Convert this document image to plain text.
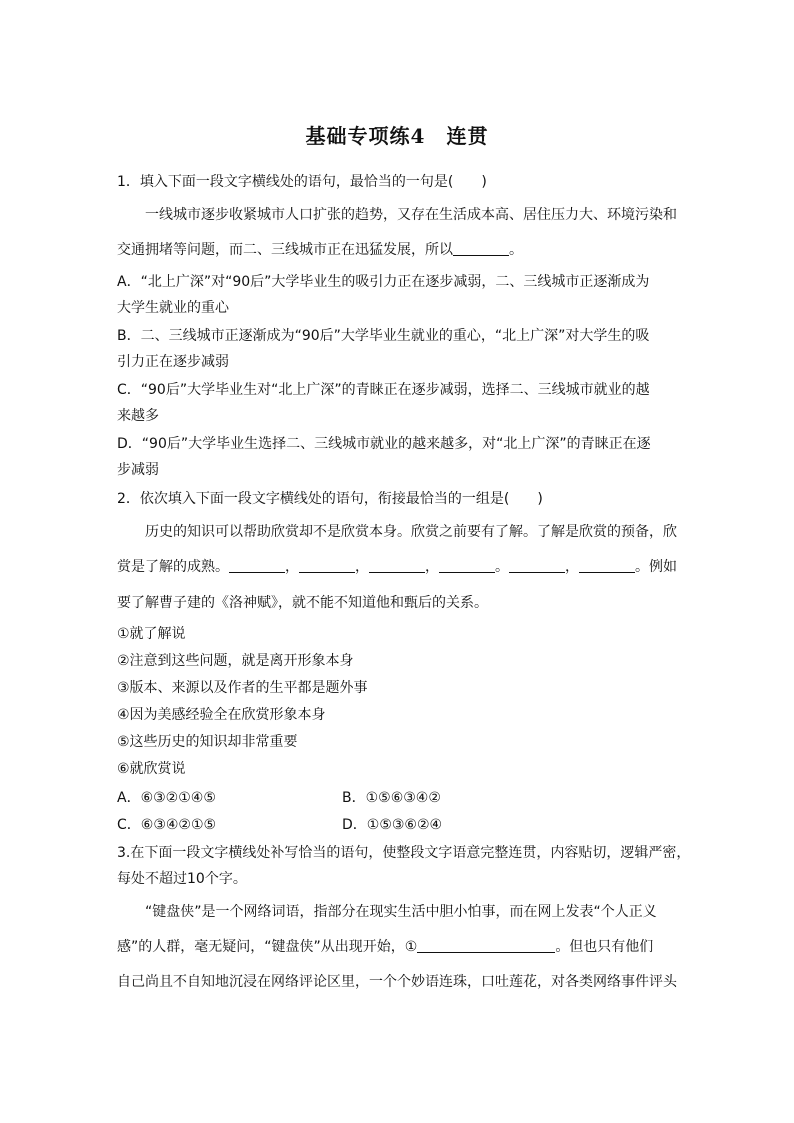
基础专项练4　连贯
1．填入下面一段文字横线处的语句，最恰当的一句是(　　)
一线城市逐步收紧城市人口扩张的趋势，又存在生活成本高、居住压力大、环境污染和
交通拥堵等问题，而二、三线城市正在迅猛发展，所以	。
A．“北上广深”对“90后”大学毕业生的吸引力正在逐步减弱，二、三线城市正逐渐成为
大学生就业的重心
B．二、三线城市正逐渐成为“90后”大学毕业生就业的重心，“北上广深”对大学生的吸
引力正在逐步减弱
C．“90后”大学毕业生对“北上广深”的青睐正在逐步减弱，选择二、三线城市就业的越
来越多
D．“90后”大学毕业生选择二、三线城市就业的越来越多，对“北上广深”的青睐正在逐
步减弱
2．依次填入下面一段文字横线处的语句，衔接最恰当的一组是(　　)
历史的知识可以帮助欣赏却不是欣赏本身。欣赏之前要有了解。了解是欣赏的预备，欣
赏是了解的成熟。	，	，	，	。	，	。例如
要了解曹子建的《洛神赋》，就不能不知道他和甄后的关系。
①就了解说
②注意到这些问题，就是离开形象本身
③版本、来源以及作者的生平都是题外事
④因为美感经验全在欣赏形象本身
⑤这些历史的知识却非常重要
⑥就欣赏说
A．⑥③②①④⑤	B．①⑤⑥③④②
C．⑥③④②①⑤	D．①⑤③⑥②④
3.在下面一段文字横线处补写恰当的语句，使整段文字语意完整连贯，内容贴切，逻辑严密，
每处不超过10个字。
“键盘侠”是一个网络词语，指部分在现实生活中胆小怕事，而在网上发表“个人正义
感”的人群，毫无疑问，“键盘侠”从出现开始，①	。但也只有他们
自己尚且不自知地沉浸在网络评论区里，一个个妙语连珠，口吐莲花，对各类网络事件评头
